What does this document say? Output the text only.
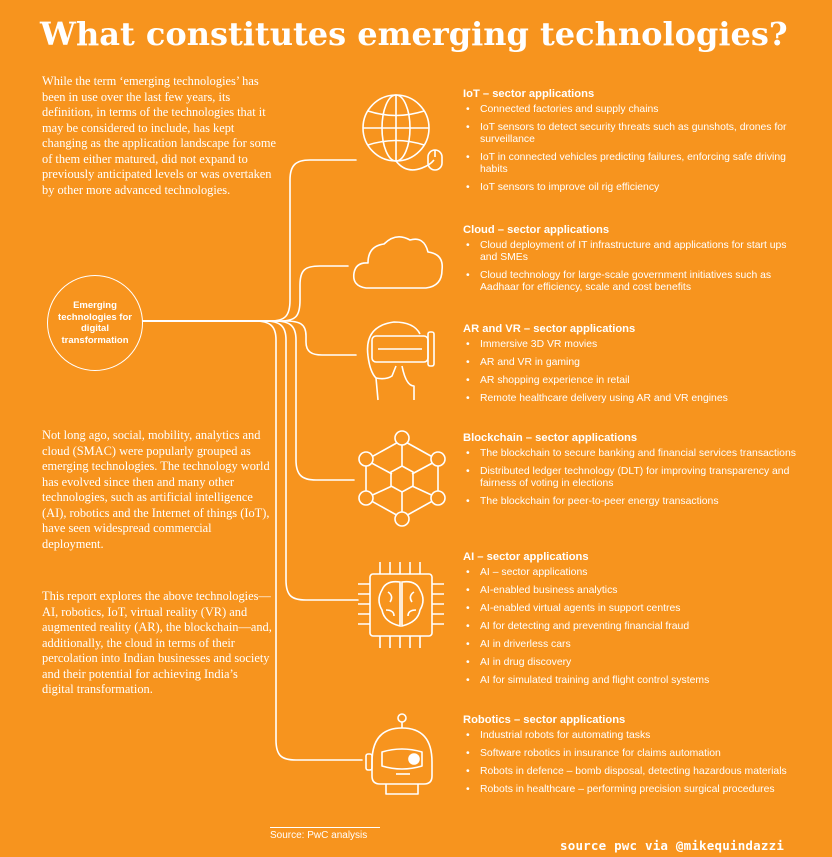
What constitutes emerging technologies?
While the term ‘emerging technologies’ has been in use over the last few years, its definition, in terms of the technologies that it may be considered to include, has kept changing as the application landscape for some of them either matured, did not expand to previously anticipated levels or was overtaken by other more advanced technologies.
Emerging technologies for digital transformation
Not long ago, social, mobility, analytics and cloud (SMAC) were popularly grouped as emerging technologies. The technology world has evolved since then and many other technologies, such as artificial intelligence (AI), robotics and the Internet of things (IoT), have seen widespread commercial deployment.
This report explores the above technologies—AI, robotics, IoT, virtual reality (VR) and augmented reality (AR), the blockchain—and, additionally, the cloud in terms of their percolation into Indian businesses and society and their potential for achieving India’s digital transformation.
IoT – sector applications
• Connected factories and supply chains
• IoT sensors to detect security threats such as gunshots, drones for surveillance
• IoT in connected vehicles predicting failures, enforcing safe driving habits
• IoT sensors to improve oil rig efficiency
Cloud – sector applications
• Cloud deployment of IT infrastructure and applications for start ups and SMEs
• Cloud technology for large-scale government initiatives such as Aadhaar for efficiency, scale and cost benefits
AR and VR – sector applications
• Immersive 3D VR movies
• AR and VR in gaming
• AR shopping experience in retail
• Remote healthcare delivery using AR and VR engines
Blockchain – sector applications
• The blockchain to secure banking and financial services transactions
• Distributed ledger technology (DLT) for improving transparency and fairness of voting in elections
• The blockchain for peer-to-peer energy transactions
AI – sector applications
• AI – sector applications
• AI-enabled business analytics
• AI-enabled virtual agents in support centres
• AI for detecting and preventing financial fraud
• AI in driverless cars
• AI in drug discovery
• AI for simulated training and flight control systems
Robotics – sector applications
• Industrial robots for automating tasks
• Software robotics in insurance for claims automation
• Robots in defence – bomb disposal, detecting hazardous materials
• Robots in healthcare – performing precision surgical procedures
Source: PwC analysis
source pwc via @mikequindazzi
